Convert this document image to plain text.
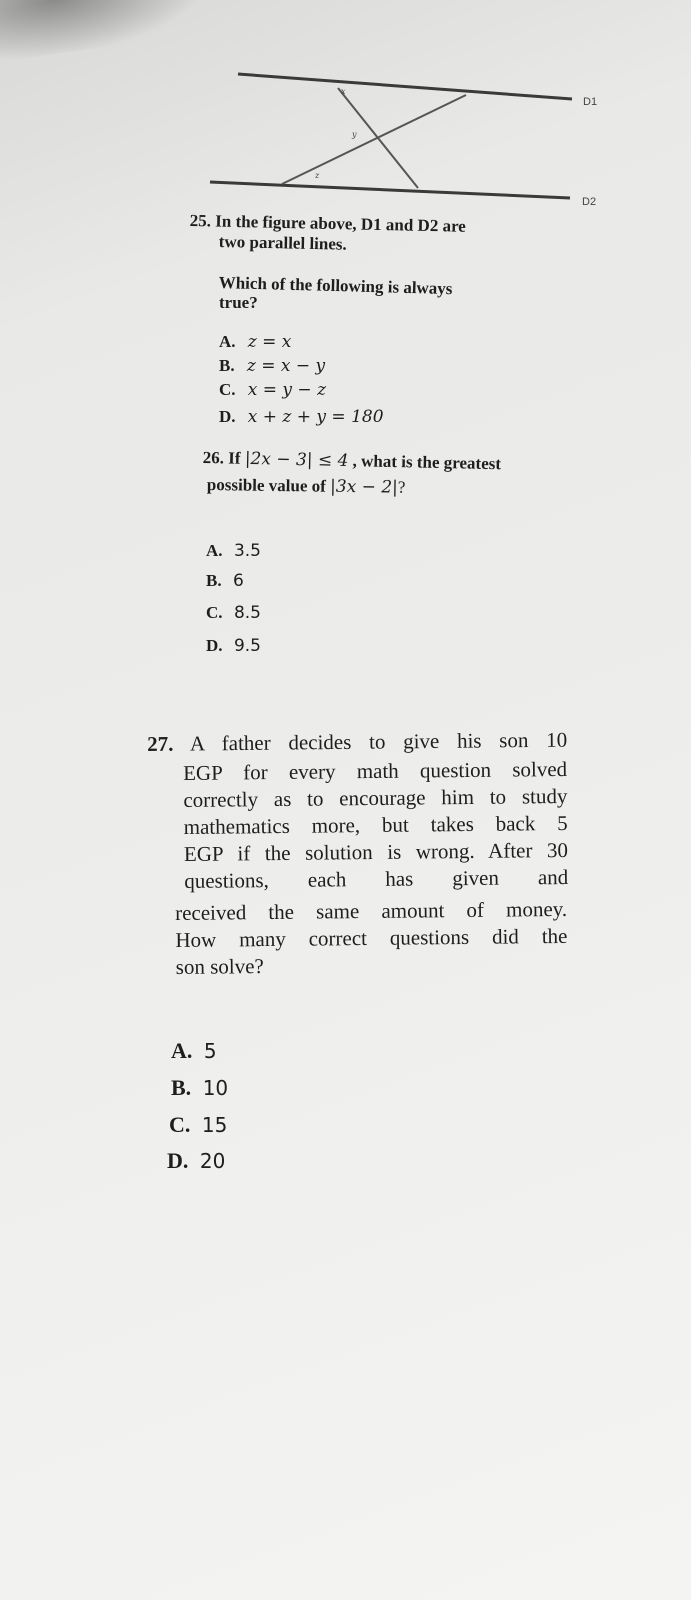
D1
D2
x
y
z
25. In the figure above, D1 and D2 are
two parallel lines.
Which of the following is always
true?
A. z = x
B. z = x − y
C. x = y − z
D. x + z + y = 180
26. If |2x − 3| ≤ 4 , what is the greatest
possible value of |3x − 2|?
A. 3.5
B. 6
C. 8.5
D. 9.5
27. A father decides to give his son 10
EGP for every math question solved
correctly as to encourage him to study
mathematics more, but takes back 5
EGP if the solution is wrong. After 30
questions, each has given and
received the same amount of money.
How many correct questions did the
son solve?
A. 5
B. 10
C. 15
D. 20
